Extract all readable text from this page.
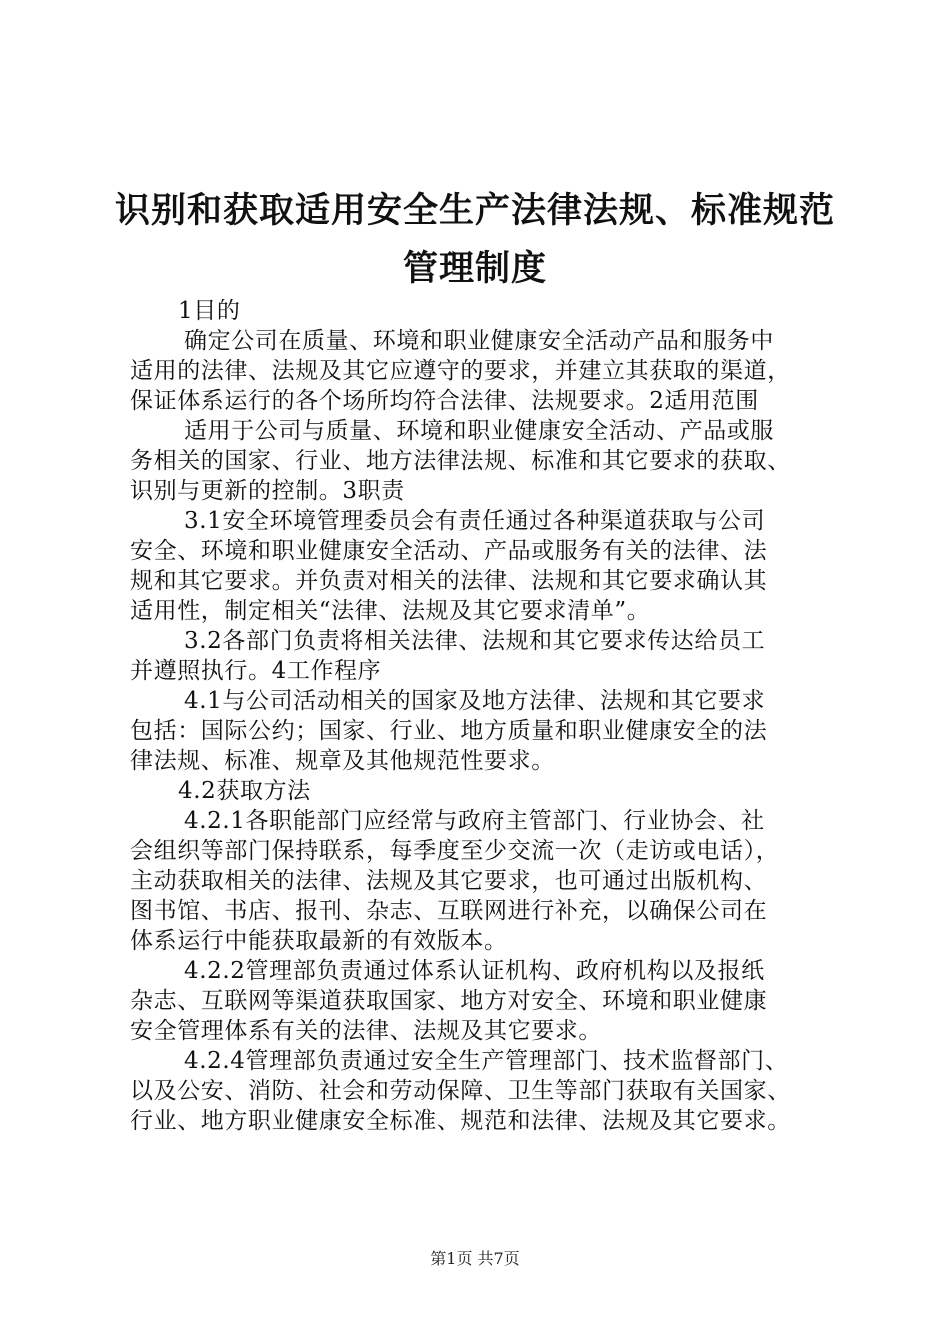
识别和获取适用安全生产法律法规、标准规范
管理制度
1目的
确定公司在质量、环境和职业健康安全活动产品和服务中
适用的法律、法规及其它应遵守的要求，并建立其获取的渠道，
保证体系运行的各个场所均符合法律、法规要求。2适用范围
适用于公司与质量、环境和职业健康安全活动、产品或服
务相关的国家、行业、地方法律法规、标准和其它要求的获取、
识别与更新的控制。3职责
3.1安全环境管理委员会有责任通过各种渠道获取与公司
安全、环境和职业健康安全活动、产品或服务有关的法律、法
规和其它要求。并负责对相关的法律、法规和其它要求确认其
适用性，制定相关“法律、法规及其它要求清单”。
3.2各部门负责将相关法律、法规和其它要求传达给员工
并遵照执行。4工作程序
4.1与公司活动相关的国家及地方法律、法规和其它要求
包括：国际公约；国家、行业、地方质量和职业健康安全的法
律法规、标准、规章及其他规范性要求。
4.2获取方法
4.2.1各职能部门应经常与政府主管部门、行业协会、社
会组织等部门保持联系，每季度至少交流一次（走访或电话），
主动获取相关的法律、法规及其它要求，也可通过出版机构、
图书馆、书店、报刊、杂志、互联网进行补充，以确保公司在
体系运行中能获取最新的有效版本。
4.2.2管理部负责通过体系认证机构、政府机构以及报纸
杂志、互联网等渠道获取国家、地方对安全、环境和职业健康
安全管理体系有关的法律、法规及其它要求。
4.2.4管理部负责通过安全生产管理部门、技术监督部门、
以及公安、消防、社会和劳动保障、卫生等部门获取有关国家、
行业、地方职业健康安全标准、规范和法律、法规及其它要求。
第1页 共7页
